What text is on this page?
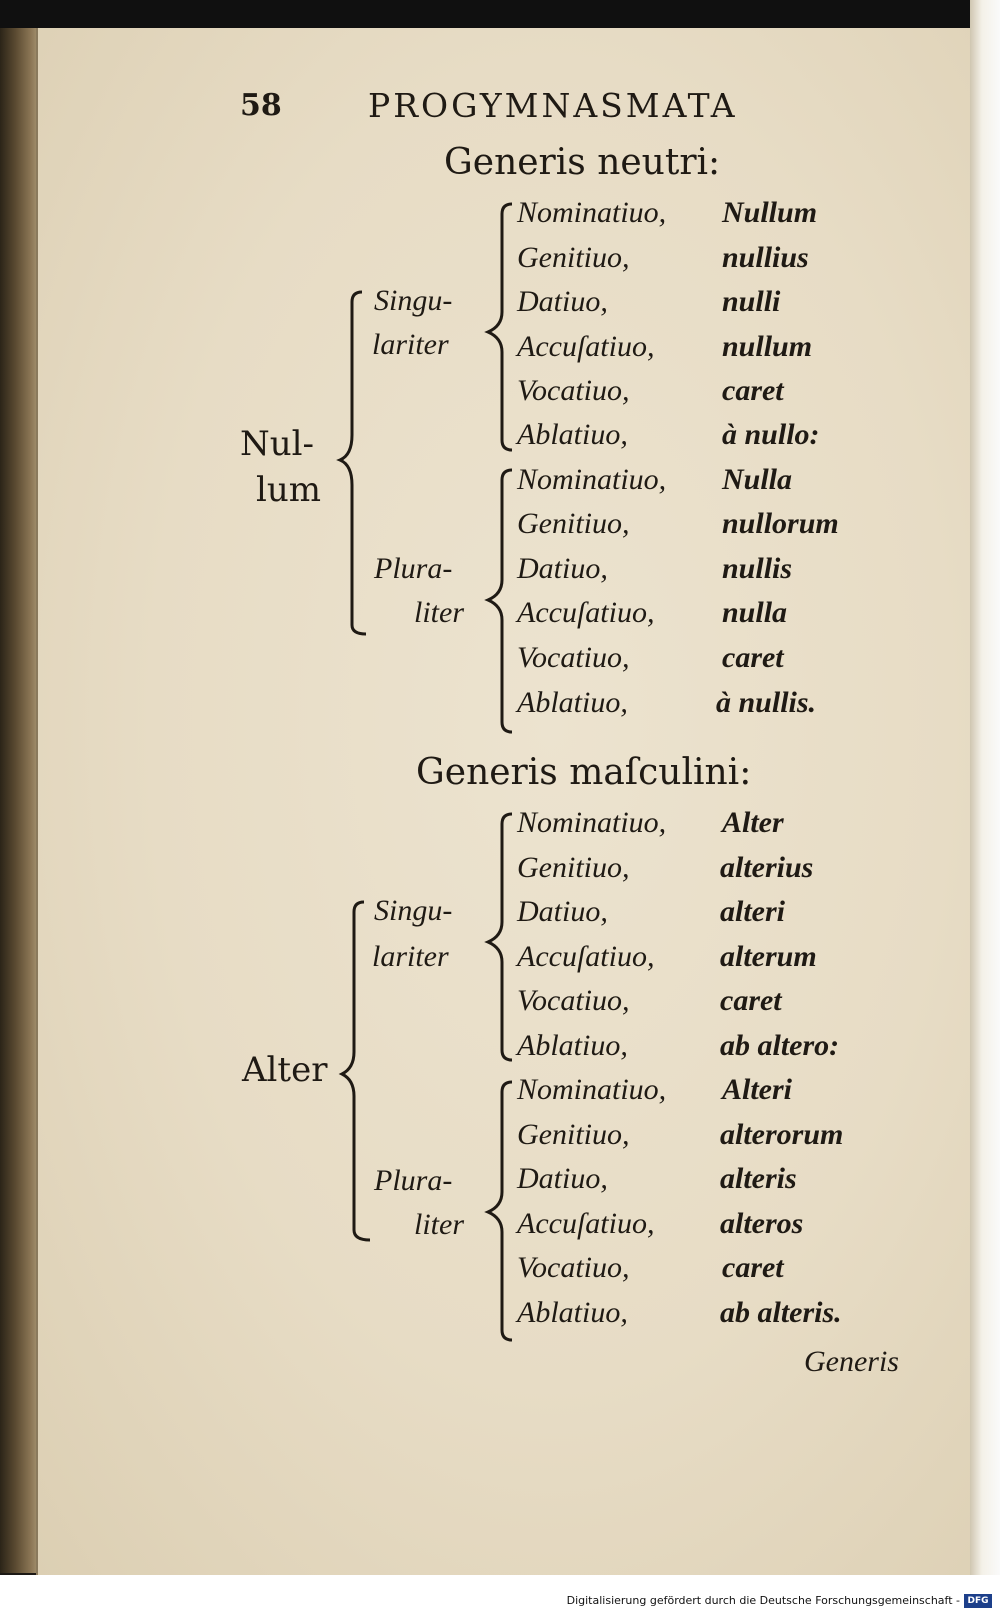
58	PROGYMNASMATA
Generis neutri:
Nul-
lum
Singu-
lariter
Plura-
liter
Nominatiuo, Nullum
Genitiuo,	nullius
Datiuo,	nulli
Accuſatiuo, nullum
Vocatiuo,	caret
Ablatiuo,	à nullo:
Nominatiuo, Nulla
Genitiuo,	nullorum
Datiuo,	nullis
Accuſatiuo, nulla
Vocatiuo,	caret
Ablatiuo,	à nullis.
Generis maſculini:
Alter
Singu-
lariter
Plura-
liter
Nominatiuo, Alter
Genitiuo,	alterius
Datiuo,	alteri
Accuſatiuo, alterum
Vocatiuo,	caret
Ablatiuo,	ab altero:
Nominatiuo, Alteri
Genitiuo,	alterorum
Datiuo,	alteris
Accuſatiuo, alteros
Vocatiuo,	caret
Ablatiuo,	ab alteris.
Generis
Digitalisierung gefördert durch die Deutsche Forschungsgemeinschaft - DFG
